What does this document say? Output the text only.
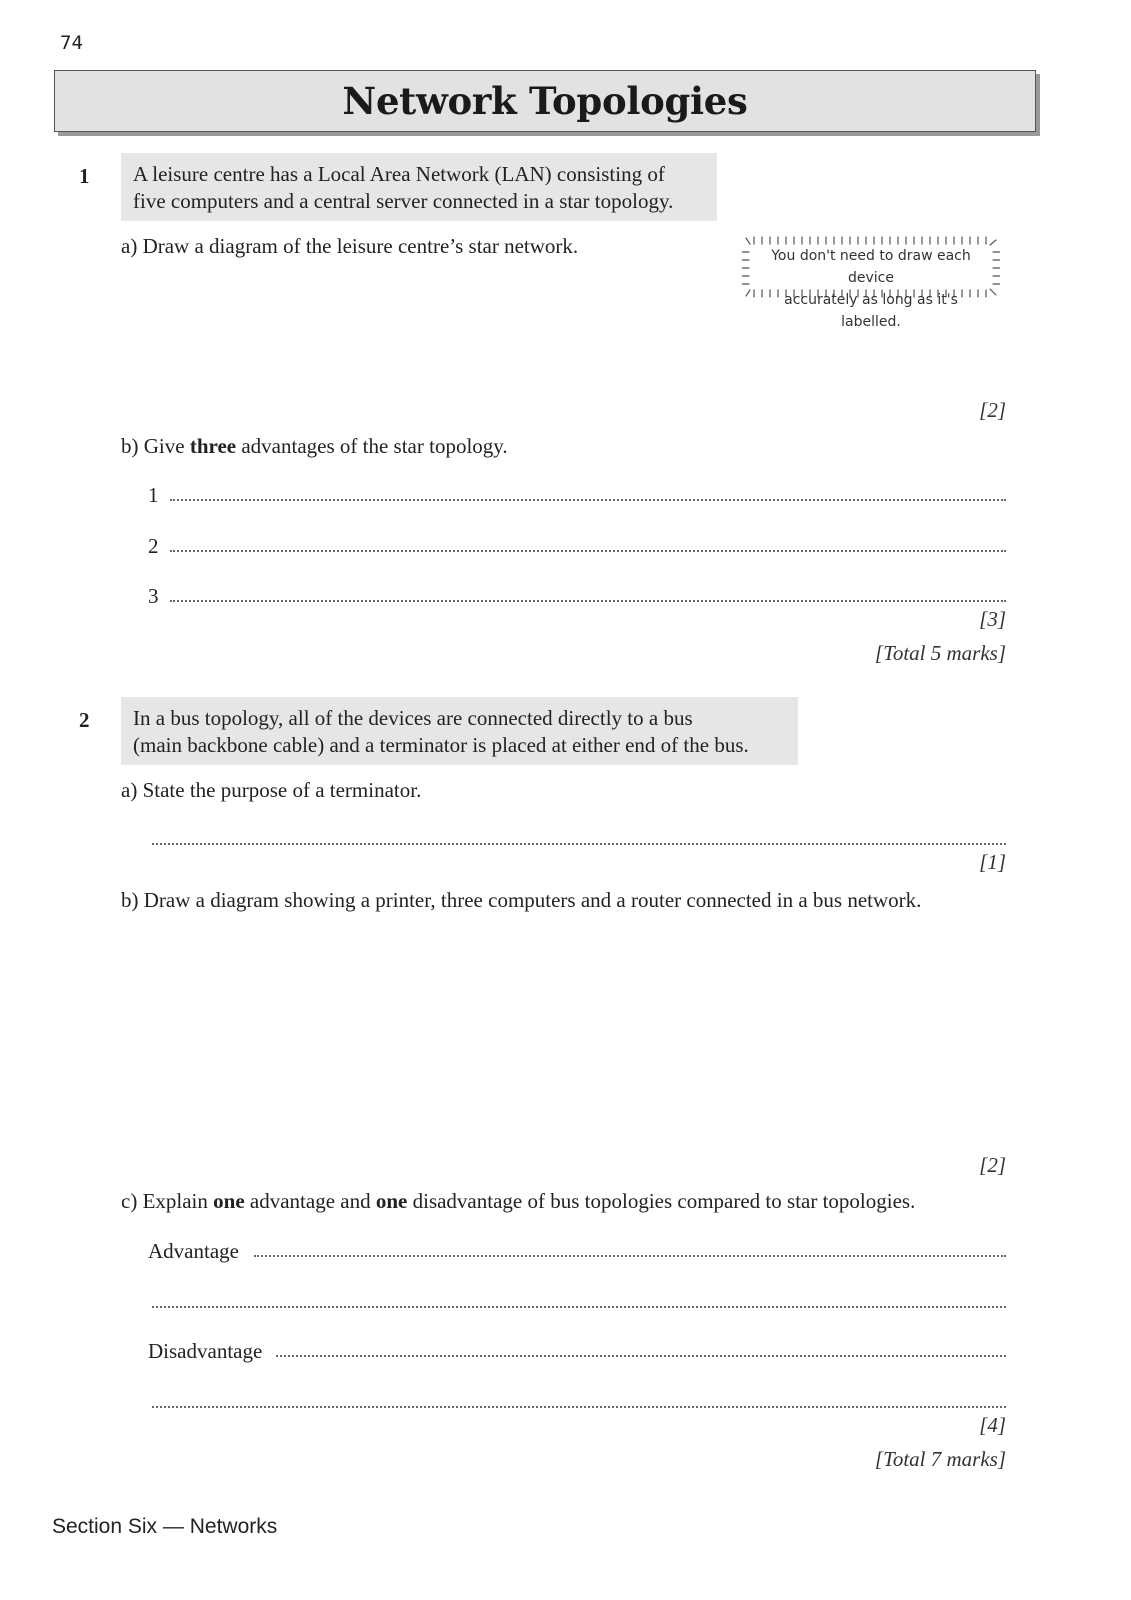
74
Network Topologies
1 A leisure centre has a Local Area Network (LAN) consisting of
five computers and a central server connected in a star topology.
a) Draw a diagram of the leisure centre’s star network.	You don't need to draw each device
accurately as long as it's labelled.
[2]
b) Give three advantages of the star topology.
1
2
3
[3]
[Total 5 marks]
2 In a bus topology, all of the devices are connected directly to a bus
(main backbone cable) and a terminator is placed at either end of the bus.
a) State the purpose of a terminator.
[1]
b) Draw a diagram showing a printer, three computers and a router connected in a bus network.
[2]
c) Explain one advantage and one disadvantage of bus topologies compared to star topologies.
Advantage
Disadvantage
[4]
[Total 7 marks]
Section Six — Networks
